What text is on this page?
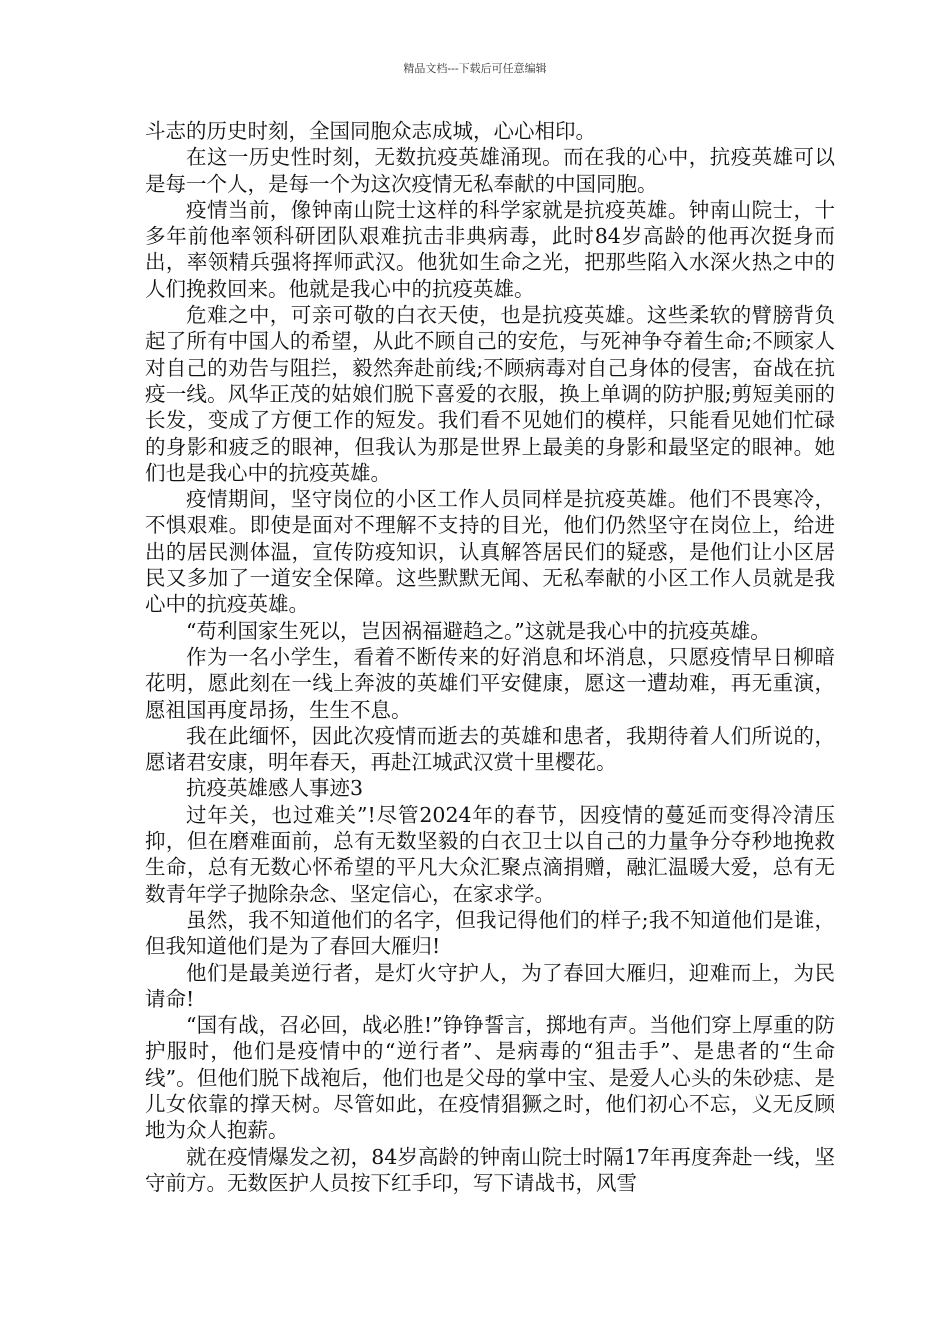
精品文档---下载后可任意编辑

斗志的历史时刻，全国同胞众志成城，心心相印。

在这一历史性时刻，无数抗疫英雄涌现。而在我的心中，抗疫英雄可以是每一个人，是每一个为这次疫情无私奉献的中国同胞。

疫情当前，像钟南山院士这样的科学家就是抗疫英雄。钟南山院士，十多年前他率领科研团队艰难抗击非典病毒，此时84岁高龄的他再次挺身而出，率领精兵强将挥师武汉。他犹如生命之光，把那些陷入水深火热之中的人们挽救回来。他就是我心中的抗疫英雄。

危难之中，可亲可敬的白衣天使，也是抗疫英雄。这些柔软的臂膀背负起了所有中国人的希望，从此不顾自己的安危，与死神争夺着生命;不顾家人对自己的劝告与阻拦，毅然奔赴前线;不顾病毒对自己身体的侵害，奋战在抗疫一线。风华正茂的姑娘们脱下喜爱的衣服，换上单调的防护服;剪短美丽的长发，变成了方便工作的短发。我们看不见她们的模样，只能看见她们忙碌的身影和疲乏的眼神，但我认为那是世界上最美的身影和最坚定的眼神。她们也是我心中的抗疫英雄。

疫情期间，坚守岗位的小区工作人员同样是抗疫英雄。他们不畏寒冷，不惧艰难。即使是面对不理解不支持的目光，他们仍然坚守在岗位上，给进出的居民测体温，宣传防疫知识，认真解答居民们的疑惑，是他们让小区居民又多加了一道安全保障。这些默默无闻、无私奉献的小区工作人员就是我心中的抗疫英雄。

“苟利国家生死以，岂因祸福避趋之。”这就是我心中的抗疫英雄。

作为一名小学生，看着不断传来的好消息和坏消息，只愿疫情早日柳暗花明，愿此刻在一线上奔波的英雄们平安健康，愿这一遭劫难，再无重演，愿祖国再度昂扬，生生不息。

我在此缅怀，因此次疫情而逝去的英雄和患者，我期待着人们所说的，愿诸君安康，明年春天，再赴江城武汉赏十里樱花。

抗疫英雄感人事迹3

过年关，也过难关”!尽管2024年的春节，因疫情的蔓延而变得冷清压抑，但在磨难面前，总有无数坚毅的白衣卫士以自己的力量争分夺秒地挽救生命，总有无数心怀希望的平凡大众汇聚点滴捐赠，融汇温暖大爱，总有无数青年学子抛除杂念、坚定信心，在家求学。

虽然，我不知道他们的名字，但我记得他们的样子;我不知道他们是谁，但我知道他们是为了春回大雁归!

他们是最美逆行者，是灯火守护人，为了春回大雁归，迎难而上，为民请命!

“国有战，召必回，战必胜!”铮铮誓言，掷地有声。当他们穿上厚重的防护服时，他们是疫情中的“逆行者”、是病毒的“狙击手”、是患者的“生命线”。但他们脱下战袍后，他们也是父母的掌中宝、是爱人心头的朱砂痣、是儿女依靠的撑天树。尽管如此，在疫情猖獗之时，他们初心不忘，义无反顾地为众人抱薪。

就在疫情爆发之初，84岁高龄的钟南山院士时隔17年再度奔赴一线，坚守前方。无数医护人员按下红手印，写下请战书，风雪
